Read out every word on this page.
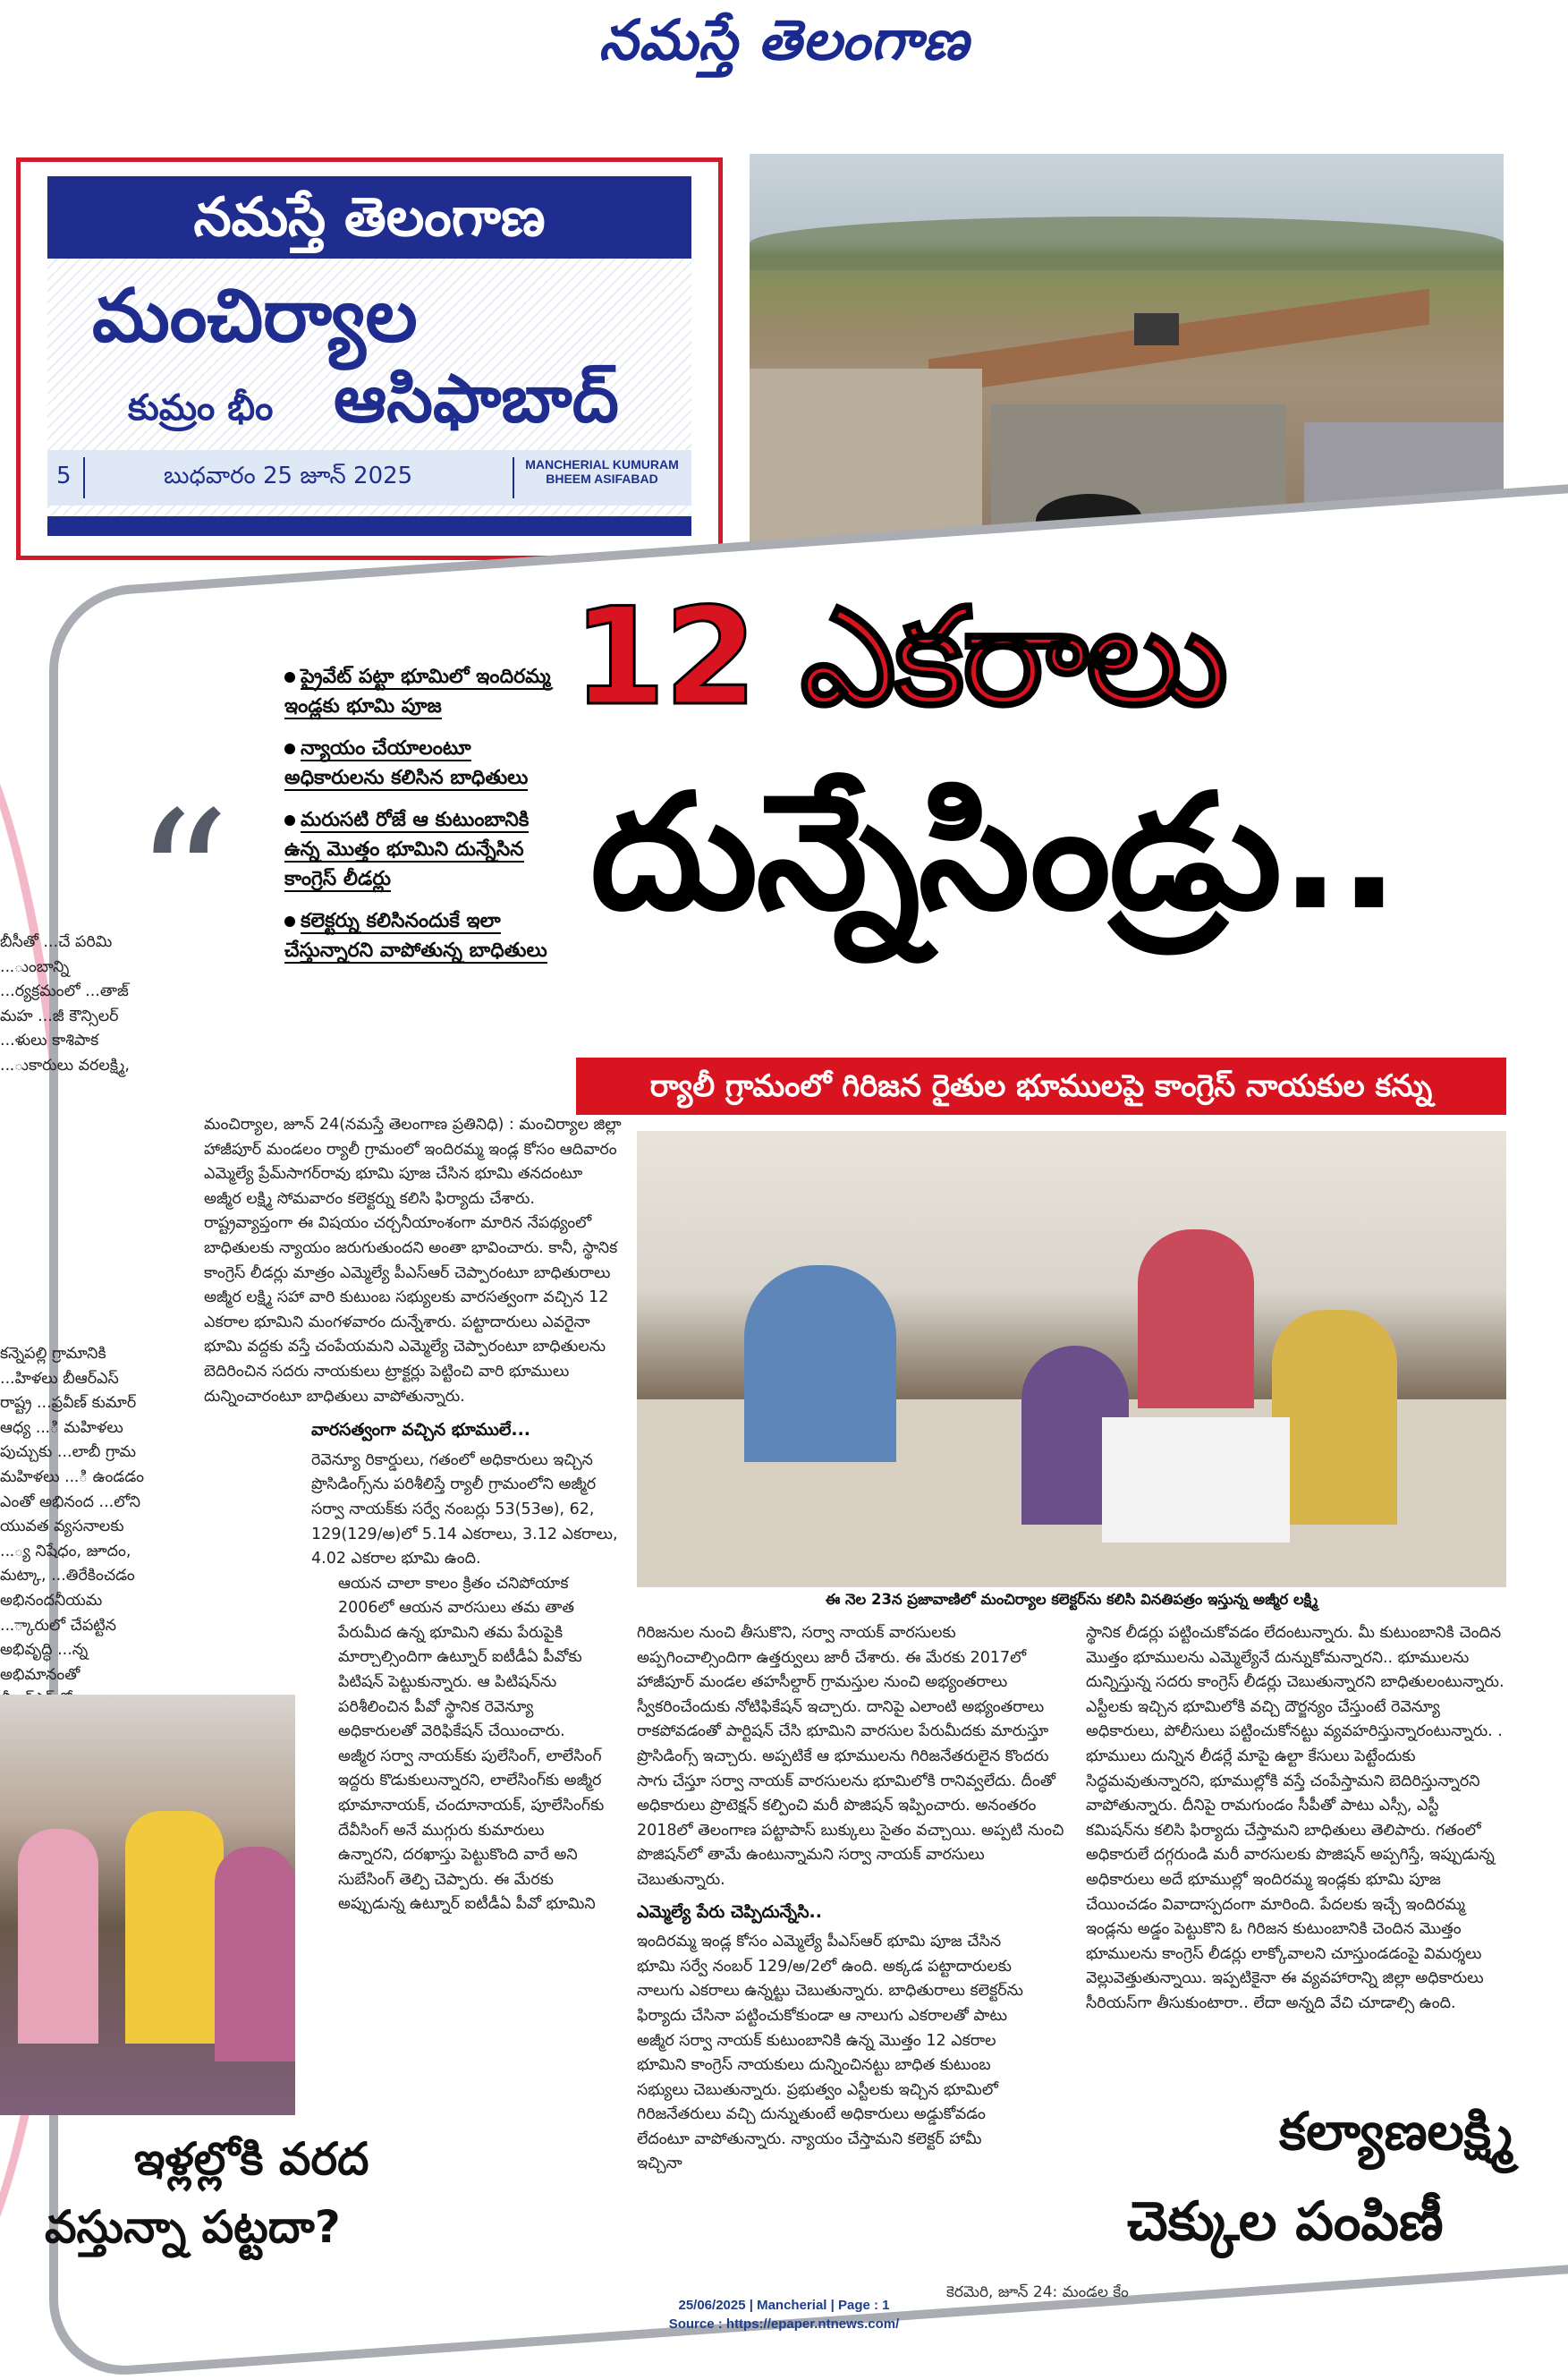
నమస్తే తెలంగాణ
నమస్తే తెలంగాణ
మంచిర్యాల
కుమ్రం భీం ఆసిఫాబాద్
5	బుధవారం 25 జూన్ 2025	MANCHERIAL KUMURAM BHEEM ASIFABAD
బీసీతో ...చే పరిమి ...ుంబాన్ని ...ర్యక్రమంలో ...తాజ్ మహ ...జీ కౌన్సిలర్ ...ళులు కాశిపాక ...ుకారులు వరలక్ష్మి,
కన్నెపల్లి గ్రామానికి ...హిళలు బీఆర్‌ఎస్ రాష్ట్ర ...ప్రవీణ్ కుమార్ ఆధ్య ...ి మహిళలు పుచ్చుకు ...లాబీ గ్రామ మహిళలు ...ి ఉండడం ఎంతో అభినంద ...లోని యువత వ్యసనాలకు ...్య నిషేధం, జూదం, మట్కా, ...తిరేకించడం అభినందనీయమ ...్కారులో చేపట్టిన అభివృద్ధి ...న్న అభిమానంతో
“
ప్రైవేట్ పట్టా భూమిలో ఇందిరమ్మ ఇండ్లకు భూమి పూజ
న్యాయం చేయాలంటూ అధికారులను కలిసిన బాధితులు
మరుసటి రోజే ఆ కుటుంబానికి ఉన్న మొత్తం భూమిని దున్నేసిన కాంగ్రెస్ లీడర్లు
కలెక్టర్ను కలిసినందుకే ఇలా చేస్తున్నారని వాపోతున్న బాధితులు
12 ఎకరాలు
దున్నేసిండ్రు..
ర్యాలీ గ్రామంలో గిరిజన రైతుల భూములపై కాంగ్రెస్ నాయకుల కన్ను
మంచిర్యాల, జూన్ 24(నమస్తే తెలంగాణ ప్రతినిధి) : మంచిర్యాల జిల్లా హాజీపూర్ మండలం ర్యాలీ గ్రామంలో ఇందిరమ్మ ఇండ్ల కోసం ఆదివారం ఎమ్మెల్యే ప్రేమ్‌సాగర్‌రావు భూమి పూజ చేసిన భూమి తనదంటూ అజ్మీర లక్ష్మి సోమవారం కలెక్టర్ను కలిసి ఫిర్యాదు చేశారు. రాష్ట్రవ్యాప్తంగా ఈ విషయం చర్చనీయాంశంగా మారిన నేపథ్యంలో బాధితులకు న్యాయం జరుగుతుందని అంతా భావించారు. కానీ, స్థానిక కాంగ్రెస్ లీడర్లు మాత్రం ఎమ్మెల్యే పీఎస్‌ఆర్ చెప్పారంటూ బాధితురాలు అజ్మీర లక్ష్మి సహా వారి కుటుంబ సభ్యులకు వారసత్వంగా వచ్చిన 12 ఎకరాల భూమిని మంగళవారం దున్నేశారు. పట్టాదారులు ఎవరైనా భూమి వద్దకు వస్తే చంపేయమని ఎమ్మెల్యే చెప్పారంటూ బాధితులను బెదిరించిన సదరు నాయకులు ట్రాక్టర్లు పెట్టించి వారి భూములు దున్నించారంటూ బాధితులు వాపోతున్నారు.
వారసత్వంగా వచ్చిన భూములే...
రెవెన్యూ రికార్డులు, గతంలో అధికారులు ఇచ్చిన ప్రొసిడింగ్స్‌ను పరిశీలిస్తే ర్యాలీ గ్రామంలోని అజ్మీర సర్వా నాయక్‌కు సర్వే నంబర్లు 53(53అ), 62, 129(129/అ)లో 5.14 ఎకరాలు, 3.12 ఎకరాలు, 4.02 ఎకరాల భూమి ఉంది.
ఆయన చాలా కాలం క్రితం చనిపోయాక 2006లో ఆయన వారసులు తమ తాత పేరుమీద ఉన్న భూమిని తమ పేరుపైకి మార్చాల్సిందిగా ఉట్నూర్ ఐటీడీఏ పీవోకు పిటిషన్ పెట్టుకున్నారు. ఆ పిటిషన్‌ను పరిశీలించిన పీవో స్థానిక రెవెన్యూ అధికారులతో వెరిఫికేషన్ చేయించారు. అజ్మీర సర్వా నాయక్‌కు పులేసింగ్, లాలేసింగ్ ఇద్దరు కొడుకులున్నారని, లాలేసింగ్‌కు అజ్మీర భూమానాయక్, చందూనాయక్, పూలేసింగ్‌కు దేవీసింగ్ అనే ముగ్గురు కుమారులు ఉన్నారని, దరఖాస్తు పెట్టుకొంది వారే అని సుబేసింగ్ తెల్పి చెప్పారు. ఈ మేరకు అప్పుడున్న ఉట్నూర్ ఐటీడీఏ పీవో భూమిని
ఈ నెల 23న ప్రజావాణిలో మంచిర్యాల కలెక్టర్‌ను కలిసి వినతిపత్రం ఇస్తున్న అజ్మీర లక్ష్మి
గిరిజనుల నుంచి తీసుకొని, సర్వా నాయక్ వారసులకు అప్పగించాల్సిందిగా ఉత్తర్వులు జారీ చేశారు. ఈ మేరకు 2017లో హాజీపూర్ మండల తహసీల్దార్ గ్రామస్తుల నుంచి అభ్యంతరాలు స్వీకరించేందుకు నోటిఫికేషన్ ఇచ్చారు. దానిపై ఎలాంటి అభ్యంతరాలు రాకపోవడంతో పార్టిషన్ చేసి భూమిని వారసుల పేరుమీదకు మారుస్తూ ప్రొసిడింగ్స్ ఇచ్చారు. అప్పటికే ఆ భూములను గిరిజనేతరులైన కొందరు సాగు చేస్తూ సర్వా నాయక్ వారసులను భూమిలోకి రానివ్వలేదు. దీంతో అధికారులు ప్రొటెక్షన్ కల్పించి మరీ పొజిషన్ ఇప్పించారు. అనంతరం 2018లో తెలంగాణ పట్టాపాస్ బుక్కులు సైతం వచ్చాయి. అప్పటి నుంచి పొజిషన్‌లో తామే ఉంటున్నామని సర్వా నాయక్ వారసులు చెబుతున్నారు.
ఎమ్మెల్యే పేరు చెప్పిదున్నేసి..
ఇందిరమ్మ ఇండ్ల కోసం ఎమ్మెల్యే పీఎస్‌ఆర్ భూమి పూజ చేసిన భూమి సర్వే నంబర్ 129/అ/2లో ఉంది. అక్కడ పట్టాదారులకు నాలుగు ఎకరాలు ఉన్నట్టు చెబుతున్నారు. బాధితురాలు కలెక్టర్‌ను ఫిర్యాదు చేసినా పట్టించుకోకుండా ఆ నాలుగు ఎకరాలతో పాటు అజ్మీర సర్వా నాయక్ కుటుంబానికి ఉన్న మొత్తం 12 ఎకరాల భూమిని కాంగ్రెస్ నాయకులు దున్నించినట్టు బాధిత కుటుంబ సభ్యులు చెబుతున్నారు. ప్రభుత్వం ఎస్టీలకు ఇచ్చిన భూమిలో గిరిజనేతరులు వచ్చి దున్నుతుంటే అధికారులు అడ్డుకోవడం లేదంటూ వాపోతున్నారు. న్యాయం చేస్తామని కలెక్టర్ హామీ ఇచ్చినా
స్థానిక లీడర్లు పట్టించుకోవడం లేదంటున్నారు. మీ కుటుంబానికి చెందిన మొత్తం భూములను ఎమ్మెల్యేనే దున్నుకోమన్నారని.. భూములను దున్నిస్తున్న సదరు కాంగ్రెస్ లీడర్లు చెబుతున్నారని బాధితులంటున్నారు. ఎస్టీలకు ఇచ్చిన భూమిలోకి వచ్చి దౌర్జన్యం చేస్తుంటే రెవెన్యూ అధికారులు, పోలీసులు పట్టించుకోనట్టు వ్యవహరిస్తున్నారంటున్నారు. . భూములు దున్నిన లీడర్లే మాపై ఉల్టా కేసులు పెట్టేందుకు సిద్ధమవుతున్నారని, భూముల్లోకి వస్తే చంపేస్తామని బెదిరిస్తున్నారని వాపోతున్నారు. దీనిపై రామగుండం సీపీతో పాటు ఎస్సీ, ఎస్టీ కమిషన్‌ను కలిసి ఫిర్యాదు చేస్తామని బాధితులు తెలిపారు. గతంలో అధికారులే దగ్గరుండి మరీ వారసులకు పొజిషన్ అప్పగిస్తే, ఇప్పుడున్న అధికారులు అదే భూముల్లో ఇందిరమ్మ ఇండ్లకు భూమి పూజ చేయించడం వివాదాస్పదంగా మారింది. పేదలకు ఇచ్చే ఇందిరమ్మ ఇండ్లను అడ్డం పెట్టుకొని ఓ గిరిజన కుటుంబానికి చెందిన మొత్తం భూములను కాంగ్రెస్ లీడర్లు లాక్కోవాలని చూస్తుండడంపై విమర్శలు వెల్లువెత్తుతున్నాయి. ఇప్పటికైనా ఈ వ్యవహారాన్ని జిల్లా అధికారులు సీరియస్‌గా తీసుకుంటారా.. లేదా అన్నది వేచి చూడాల్సి ఉంది.
ఇళ్లల్లోకి వరద
వస్తున్నా పట్టదా?
కల్యాణలక్ష్మి
చెక్కుల పంపిణీ
కెరమెరి, జూన్ 24: మండల కేం
25/06/2025 | Mancherial | Page : 1
Source : https://epaper.ntnews.com/
